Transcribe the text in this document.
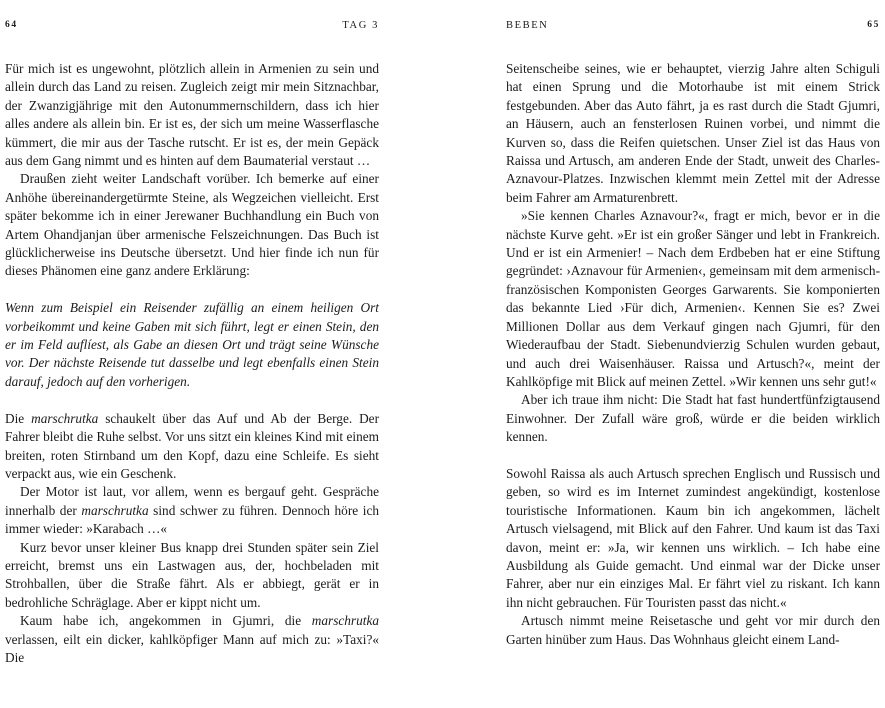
64	TAG 3

Für mich ist es ungewohnt, plötzlich allein in Armenien zu sein und allein durch das Land zu reisen. Zugleich zeigt mir mein Sitznachbar, der Zwanzigjährige mit den Autonummernschildern, dass ich hier alles andere als allein bin. Er ist es, der sich um meine Wasserflasche kümmert, die mir aus der Tasche rutscht. Er ist es, der mein Gepäck aus dem Gang nimmt und es hinten auf dem Baumaterial verstaut …

Draußen zieht weiter Landschaft vorüber. Ich bemerke auf einer Anhöhe übereinandergetürmte Steine, als Wegzeichen vielleicht. Erst später bekomme ich in einer Jerewaner Buchhandlung ein Buch von Artem Ohandjanjan über armenische Felszeichnungen. Das Buch ist glücklicherweise ins Deutsche übersetzt. Und hier finde ich nun für dieses Phänomen eine ganz andere Erklärung:

Wenn zum Beispiel ein Reisender zufällig an einem heiligen Ort vorbeikommt und keine Gaben mit sich führt, legt er einen Stein, den er im Feld auflíest, als Gabe an diesen Ort und trägt seine Wünsche vor. Der nächste Reisende tut dasselbe und legt ebenfalls einen Stein darauf, jedoch auf den vorherigen.

Die marschrutka schaukelt über das Auf und Ab der Berge. Der Fahrer bleibt die Ruhe selbst. Vor uns sitzt ein kleines Kind mit einem breiten, roten Stirnband um den Kopf, dazu eine Schleife. Es sieht verpackt aus, wie ein Geschenk.

Der Motor ist laut, vor allem, wenn es bergauf geht. Gespräche innerhalb der marschrutka sind schwer zu führen. Dennoch höre ich immer wieder: »Karabach …«

Kurz bevor unser kleiner Bus knapp drei Stunden später sein Ziel erreicht, bremst uns ein Lastwagen aus, der, hochbeladen mit Strohballen, über die Straße fährt. Als er abbiegt, gerät er in bedrohliche Schräglage. Aber er kippt nicht um.

Kaum habe ich, angekommen in Gjumri, die marschrutka verlassen, eilt ein dicker, kahlköpfiger Mann auf mich zu: »Taxi?« Die

BEBEN	65

Seitenscheibe seines, wie er behauptet, vierzig Jahre alten Schiguli hat einen Sprung und die Motorhaube ist mit einem Strick festgebunden. Aber das Auto fährt, ja es rast durch die Stadt Gjumri, an Häusern, auch an fensterlosen Ruinen vorbei, und nimmt die Kurven so, dass die Reifen quietschen. Unser Ziel ist das Haus von Raissa und Artusch, am anderen Ende der Stadt, unweit des Charles-Aznavour-Platzes. Inzwischen klemmt mein Zettel mit der Adresse beim Fahrer am Armaturenbrett.

»Sie kennen Charles Aznavour?«, fragt er mich, bevor er in die nächste Kurve geht. »Er ist ein großer Sänger und lebt in Frankreich. Und er ist ein Armenier! – Nach dem Erdbeben hat er eine Stiftung gegründet: ›Aznavour für Armenien‹, gemeinsam mit dem armenisch-französischen Komponisten Georges Garwarents. Sie komponierten das bekannte Lied ›Für dich, Armenien‹. Kennen Sie es? Zwei Millionen Dollar aus dem Verkauf gingen nach Gjumri, für den Wiederaufbau der Stadt. Siebenundvierzig Schulen wurden gebaut, und auch drei Waisenhäuser. Raissa und Artusch?«, meint der Kahlköpfige mit Blick auf meinen Zettel. »Wir kennen uns sehr gut!«

Aber ich traue ihm nicht: Die Stadt hat fast hundertfünfzigtausend Einwohner. Der Zufall wäre groß, würde er die beiden wirklich kennen.

Sowohl Raissa als auch Artusch sprechen Englisch und Russisch und geben, so wird es im Internet zumindest angekündigt, kostenlose touristische Informationen. Kaum bin ich angekommen, lächelt Artusch vielsagend, mit Blick auf den Fahrer. Und kaum ist das Taxi davon, meint er: »Ja, wir kennen uns wirklich. – Ich habe eine Ausbildung als Guide gemacht. Und einmal war der Dicke unser Fahrer, aber nur ein einziges Mal. Er fährt viel zu riskant. Ich kann ihn nicht gebrauchen. Für Touristen passt das nicht.«

Artusch nimmt meine Reisetasche und geht vor mir durch den Garten hinüber zum Haus. Das Wohnhaus gleicht einem Land-
